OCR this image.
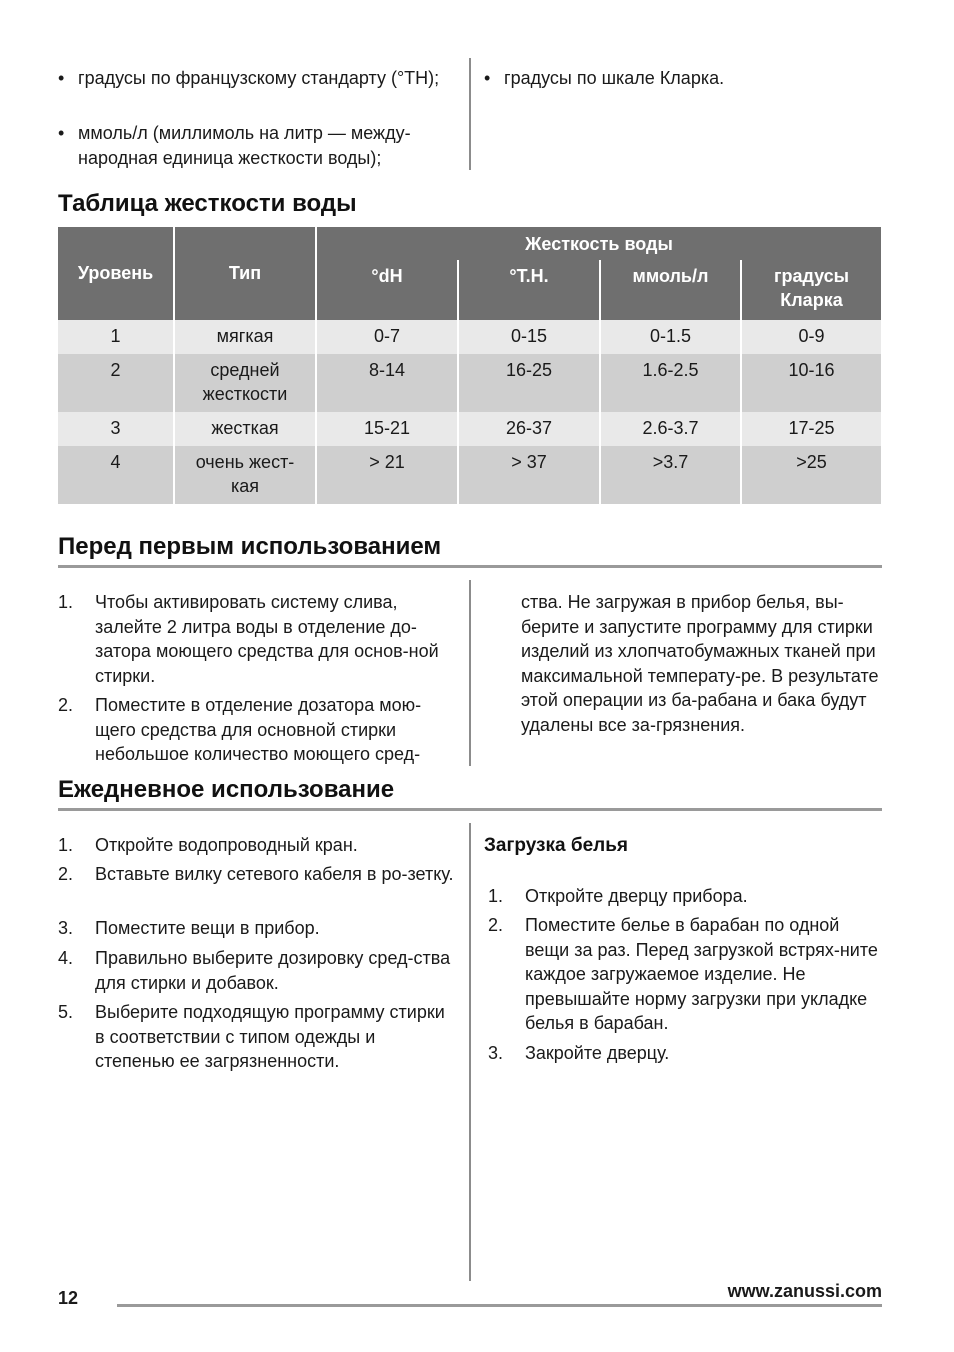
• градусы по французскому стандарту (°TH);
• ммоль/л (миллимоль на литр — между-народная единица жесткости воды);
• градусы по шкале Кларка.
Таблица жесткости воды
Уровень	Тип	Жесткость воды			
		°dH	°T.H.	ммоль/л	градусы Кларка
1	мягкая	0-7	0-15	0-1.5	0-9
2	средней жесткости	8-14	16-25	1.6-2.5	10-16
3	жесткая	15-21	26-37	2.6-3.7	17-25
4	очень жест-кая	> 21	> 37	>3.7	>25
Перед первым использованием
1. Чтобы активировать систему слива, залейте 2 литра воды в отделение до-затора моющего средства для основ-ной стирки.
2. Поместите в отделение дозатора мою-щего средства для основной стирки небольшое количество моющего сред-
ства. Не загружая в прибор белья, вы-берите и запустите программу для стирки изделий из хлопчатобумажных тканей при максимальной температу-ре. В результате этой операции из ба-рабана и бака будут удалены все за-грязнения.
Ежедневное использование
1. Откройте водопроводный кран.
2. Вставьте вилку сетевого кабеля в ро-зетку.
3. Поместите вещи в прибор.
4. Правильно выберите дозировку сред-ства для стирки и добавок.
5. Выберите подходящую программу стирки в соответствии с типом одежды и степенью ее загрязненности.
Загрузка белья
1. Откройте дверцу прибора.
2. Поместите белье в барабан по одной вещи за раз. Перед загрузкой встрях-ните каждое загружаемое изделие. Не превышайте норму загрузки при укладке белья в барабан.
3. Закройте дверцу.
12	www.zanussi.com
